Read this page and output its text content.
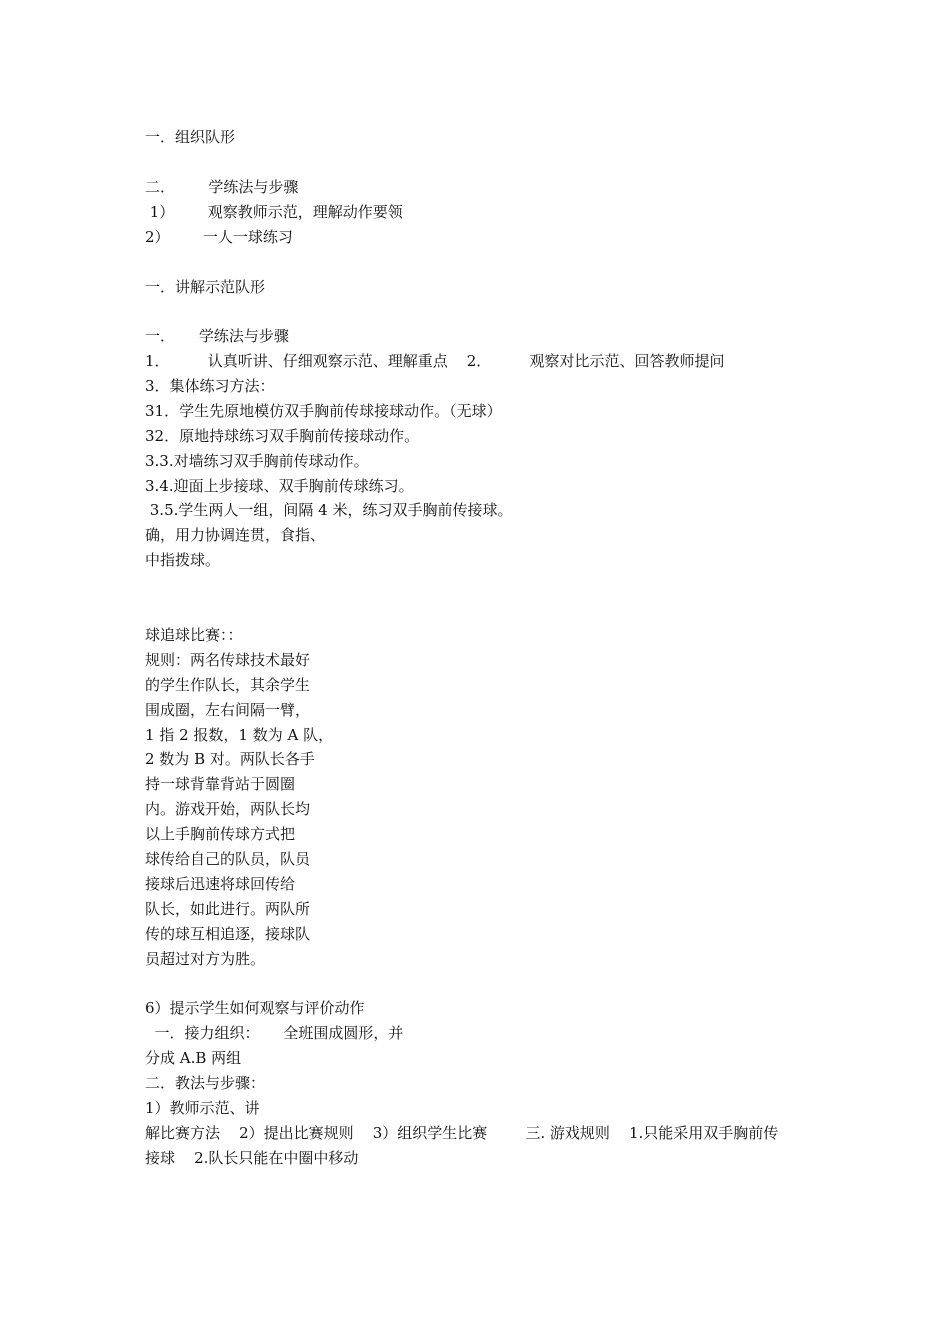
一．组织队形
二．       学练法与步骤
1）       观察教师示范，理解动作要领
2）       一人一球练习
一．讲解示范队形
一．     学练法与步骤
1．        认真听讲、仔细观察示范、理解重点    2．        观察对比示范、回答教师提问
3．集体练习方法：
31．学生先原地模仿双手胸前传球接球动作。（无球）
32．原地持球练习双手胸前传接球动作。
3.3.对墙练习双手胸前传球动作。
3.4.迎面上步接球、双手胸前传球练习。
3.5.学生两人一组，间隔 4 米，练习双手胸前传接球。
确，用力协调连贯，食指、
中指拨球。
球追球比赛：：
规则：两名传球技术最好
的学生作队长，其余学生
围成圈，左右间隔一臂，
1 指 2 报数，1 数为 A 队，
2 数为 B 对。两队长各手
持一球背靠背站于圆圈
内。游戏开始，两队长均
以上手胸前传球方式把
球传给自己的队员，队员
接球后迅速将球回传给
队长，如此进行。两队所
传的球互相追逐，接球队
员超过对方为胜。
6）提示学生如何观察与评价动作
一．接力组织：     全班围成圆形，并
分成 A.B 两组
二．教法与步骤：
1）教师示范、讲
解比赛方法    2）提出比赛规则    3）组织学生比赛        三. 游戏规则    1.只能采用双手胸前传
接球    2.队长只能在中圈中移动
